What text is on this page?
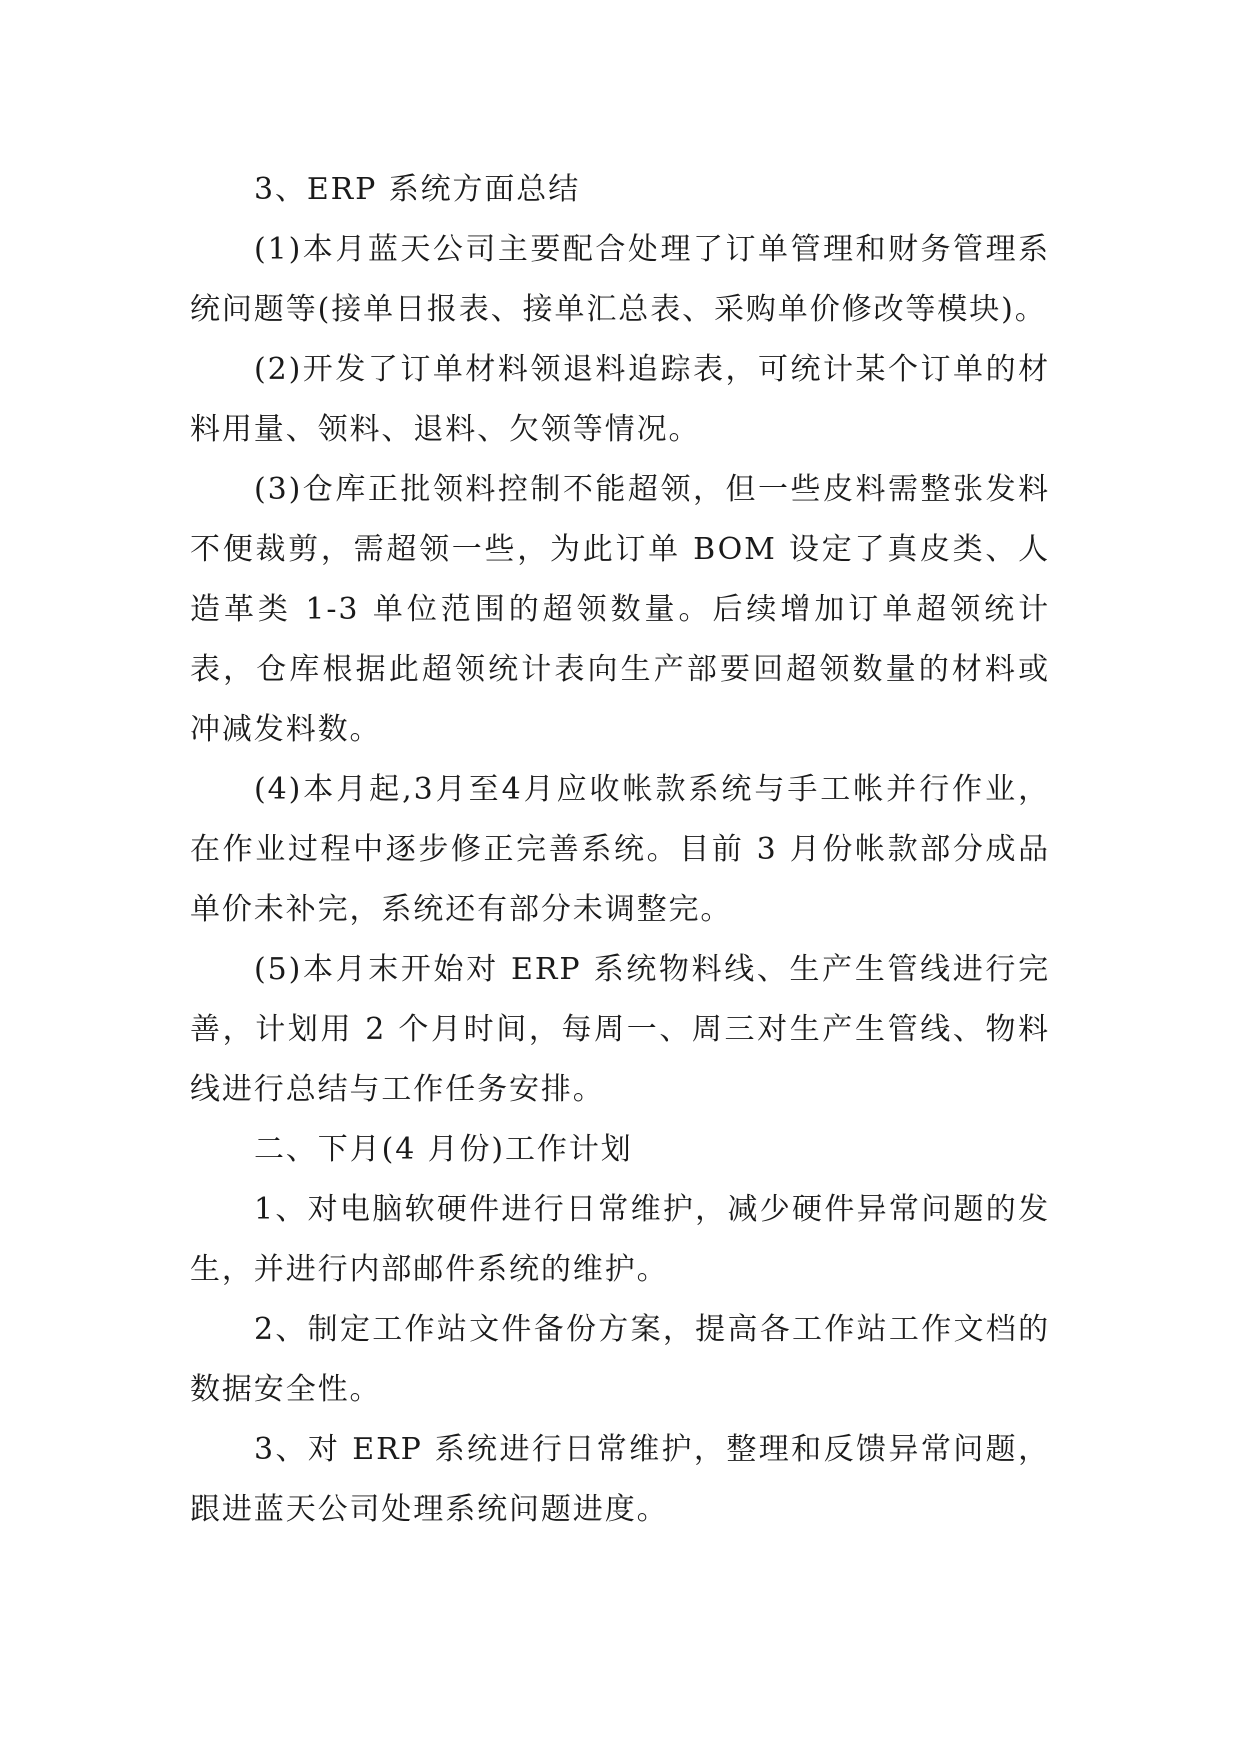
3、ERP 系统方面总结

(1)本月蓝天公司主要配合处理了订单管理和财务管理系统问题等(接单日报表、接单汇总表、采购单价修改等模块)。

(2)开发了订单材料领退料追踪表，可统计某个订单的材料用量、领料、退料、欠领等情况。

(3)仓库正批领料控制不能超领，但一些皮料需整张发料不便裁剪，需超领一些，为此订单 BOM 设定了真皮类、人造革类 1-3 单位范围的超领数量。后续增加订单超领统计表，仓库根据此超领统计表向生产部要回超领数量的材料或冲减发料数。

(4)本月起,3月至4月应收帐款系统与手工帐并行作业，在作业过程中逐步修正完善系统。目前 3 月份帐款部分成品单价未补完，系统还有部分未调整完。

(5)本月末开始对 ERP 系统物料线、生产生管线进行完善，计划用 2 个月时间，每周一、周三对生产生管线、物料线进行总结与工作任务安排。

二、下月(4 月份)工作计划

1、对电脑软硬件进行日常维护，减少硬件异常问题的发生，并进行内部邮件系统的维护。

2、制定工作站文件备份方案，提高各工作站工作文档的数据安全性。

3、对 ERP 系统进行日常维护，整理和反馈异常问题，跟进蓝天公司处理系统问题进度。
